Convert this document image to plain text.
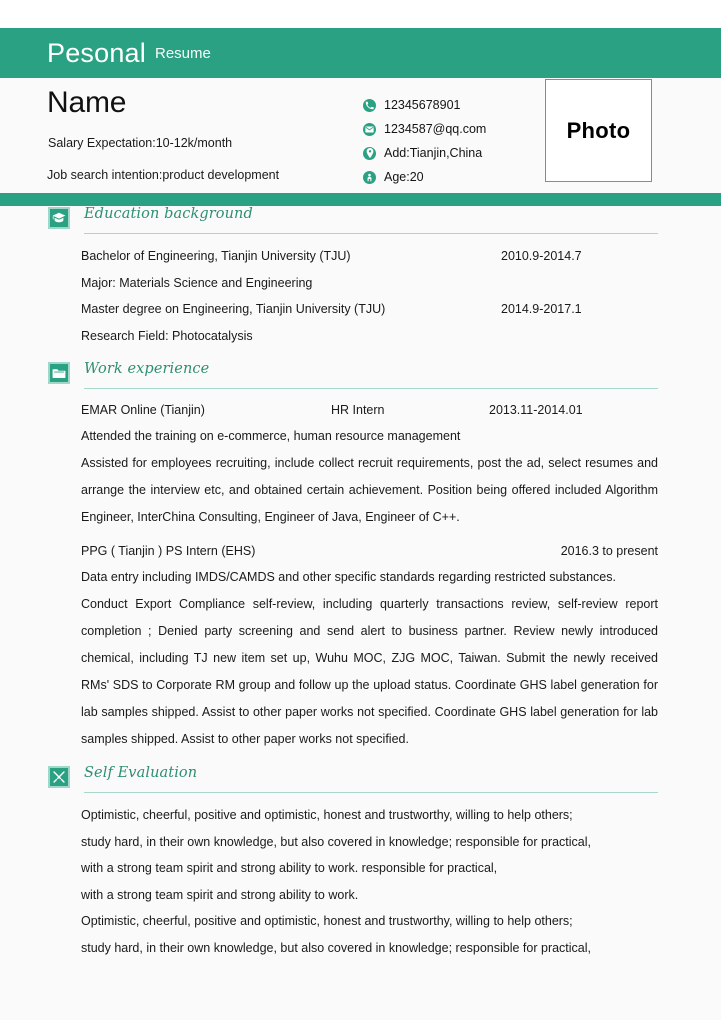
Pesonal Resume
Name
Salary Expectation:10-12k/month
Job search intention:product development
12345678901
1234587@qq.com
Add:Tianjin,China
Age:20
Photo
Education background
Bachelor of Engineering, Tianjin University (TJU)	2010.9-2014.7
Major: Materials Science and Engineering
Master degree on Engineering, Tianjin University (TJU)	2014.9-2017.1
Research Field: Photocatalysis
Work experience
EMAR Online (Tianjin)	HR Intern	2013.11-2014.01
Attended the training on e-commerce, human resource management
Assisted for employees recruiting, include collect recruit requirements, post the ad, select resumes and arrange the interview etc, and obtained certain achievement. Position being offered included Algorithm Engineer, InterChina Consulting, Engineer of Java, Engineer of C++.
PPG ( Tianjin ) PS Intern (EHS)	2016.3 to present
Data entry including IMDS/CAMDS and other specific standards regarding restricted substances.
Conduct Export Compliance self-review, including quarterly transactions review, self-review report completion ; Denied party screening and send alert to business partner. Review newly introduced chemical, including TJ new item set up, Wuhu MOC, ZJG MOC, Taiwan. Submit the newly received RMs' SDS to Corporate RM group and follow up the upload status. Coordinate GHS label generation for lab samples shipped. Assist to other paper works not specified. Coordinate GHS label generation for lab samples shipped. Assist to other paper works not specified.
Self Evaluation
Optimistic, cheerful, positive and optimistic, honest and trustworthy, willing to help others;
study hard, in their own knowledge, but also covered in knowledge; responsible for practical,
with a strong team spirit and strong ability to work. responsible for practical,
with a strong team spirit and strong ability to work.
Optimistic, cheerful, positive and optimistic, honest and trustworthy, willing to help others;
study hard, in their own knowledge, but also covered in knowledge; responsible for practical,
